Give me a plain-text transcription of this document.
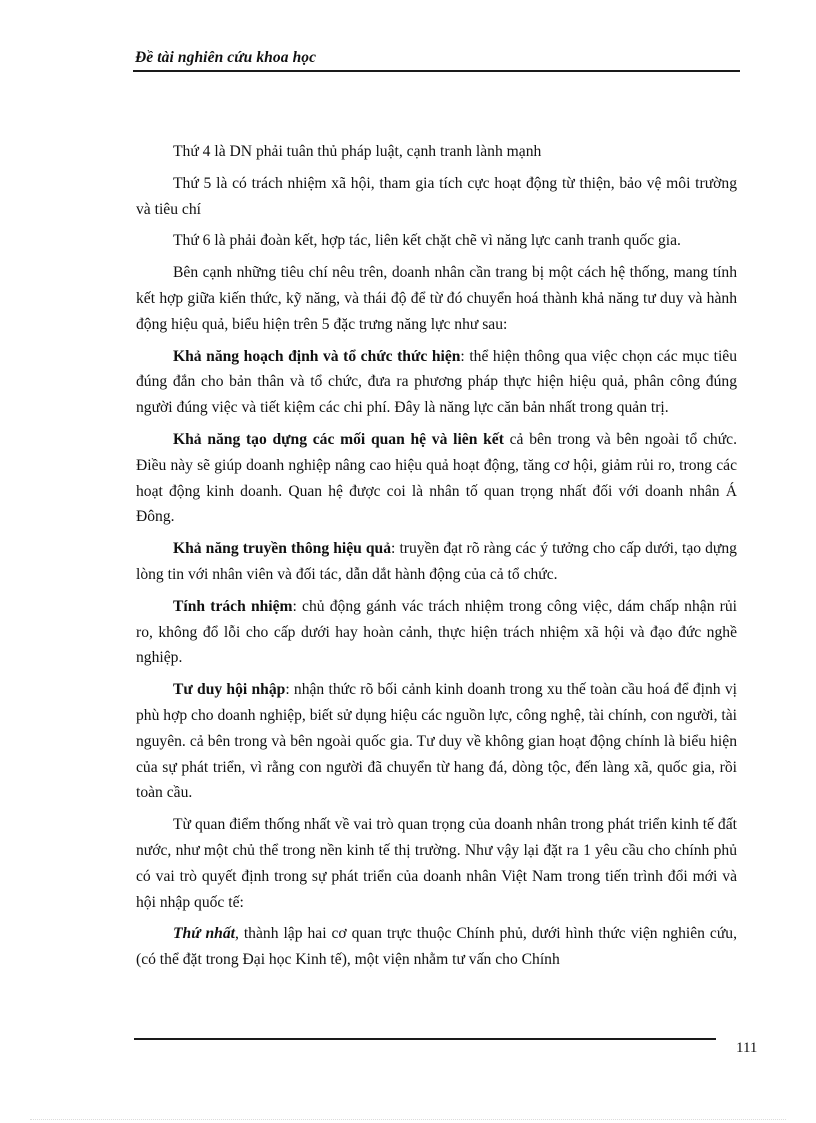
Đề tài nghiên cứu khoa học

Thứ 4 là DN phải tuân thủ pháp luật, cạnh tranh lành mạnh

Thứ 5 là có trách nhiệm xã hội, tham gia tích cực hoạt động từ thiện, bảo vệ môi trường và tiêu chí

Thứ 6 là phải đoàn kết, hợp tác, liên kết chặt chẽ vì năng lực canh tranh quốc gia.

Bên cạnh những tiêu chí nêu trên, doanh nhân cần trang bị một cách hệ thống, mang tính kết hợp giữa kiến thức, kỹ năng, và thái độ để từ đó chuyển hoá thành khả năng tư duy và hành động hiệu quả, biểu hiện trên 5 đặc trưng năng lực như sau:

Khả năng hoạch định và tổ chức thức hiện: thể hiện thông qua việc chọn các mục tiêu đúng đắn cho bản thân và tổ chức, đưa ra phương pháp thực hiện hiệu quả, phân công đúng người đúng việc và tiết kiệm các chi phí. Đây là năng lực căn bản nhất trong quản trị.

Khả năng tạo dựng các mối quan hệ và liên kết cả bên trong và bên ngoài tổ chức. Điều này sẽ giúp doanh nghiệp nâng cao hiệu quả hoạt động, tăng cơ hội, giảm rủi ro, trong các hoạt động kinh doanh. Quan hệ được coi là nhân tố quan trọng nhất đối với doanh nhân Á Đông.

Khả năng truyền thông hiệu quả: truyền đạt rõ ràng các ý tưởng cho cấp dưới, tạo dựng lòng tin với nhân viên và đối tác, dẫn dắt hành động của cả tổ chức.

Tính trách nhiệm: chủ động gánh vác trách nhiệm trong công việc, dám chấp nhận rủi ro, không đổ lỗi cho cấp dưới hay hoàn cảnh, thực hiện trách nhiệm xã hội và đạo đức nghề nghiệp.

Tư duy hội nhập: nhận thức rõ bối cảnh kinh doanh trong xu thế toàn cầu hoá để định vị phù hợp cho doanh nghiệp, biết sử dụng hiệu các nguồn lực, công nghệ, tài chính, con người, tài nguyên. cả bên trong và bên ngoài quốc gia. Tư duy về không gian hoạt động chính là biểu hiện của sự phát triển, vì rằng con người đã chuyển từ hang đá, dòng tộc, đến làng xã, quốc gia, rồi toàn cầu.

Từ quan điểm thống nhất về vai trò quan trọng của doanh nhân trong phát triển kinh tế đất nước, như một chủ thể trong nền kinh tế thị trường. Như vậy lại đặt ra 1 yêu cầu cho chính phủ có vai trò quyết định trong sự phát triển của doanh nhân Việt Nam trong tiến trình đổi mới và hội nhập quốc tế:

Thứ nhất, thành lập hai cơ quan trực thuộc Chính phủ, dưới hình thức viện nghiên cứu, (có thể đặt trong Đại học Kinh tế), một viện nhằm tư vấn cho Chính

111
